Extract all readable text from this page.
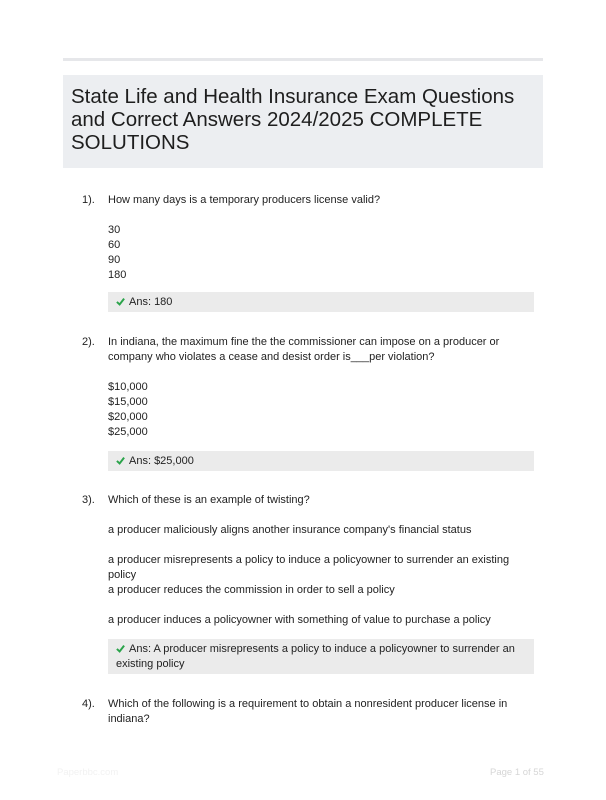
State Life and Health Insurance Exam Questions and Correct Answers 2024/2025 COMPLETE SOLUTIONS
1). How many days is a temporary producers license valid?
30
60
90
180
Ans: 180
2). In indiana, the maximum fine the the commissioner can impose on a producer or company who violates a cease and desist order is___per violation?
$10,000
$15,000
$20,000
$25,000
Ans: $25,000
3). Which of these is an example of twisting?
a producer maliciously aligns another insurance company's financial status
a producer misrepresents a policy to induce a policyowner to surrender an existing policy
a producer reduces the commission in order to sell a policy
a producer induces a policyowner with something of value to purchase a policy
Ans: A producer misrepresents a policy to induce a policyowner to surrender an existing policy
4). Which of the following is a requirement to obtain a nonresident producer license in indiana?
Paperbbc.com	Page 1 of 55
